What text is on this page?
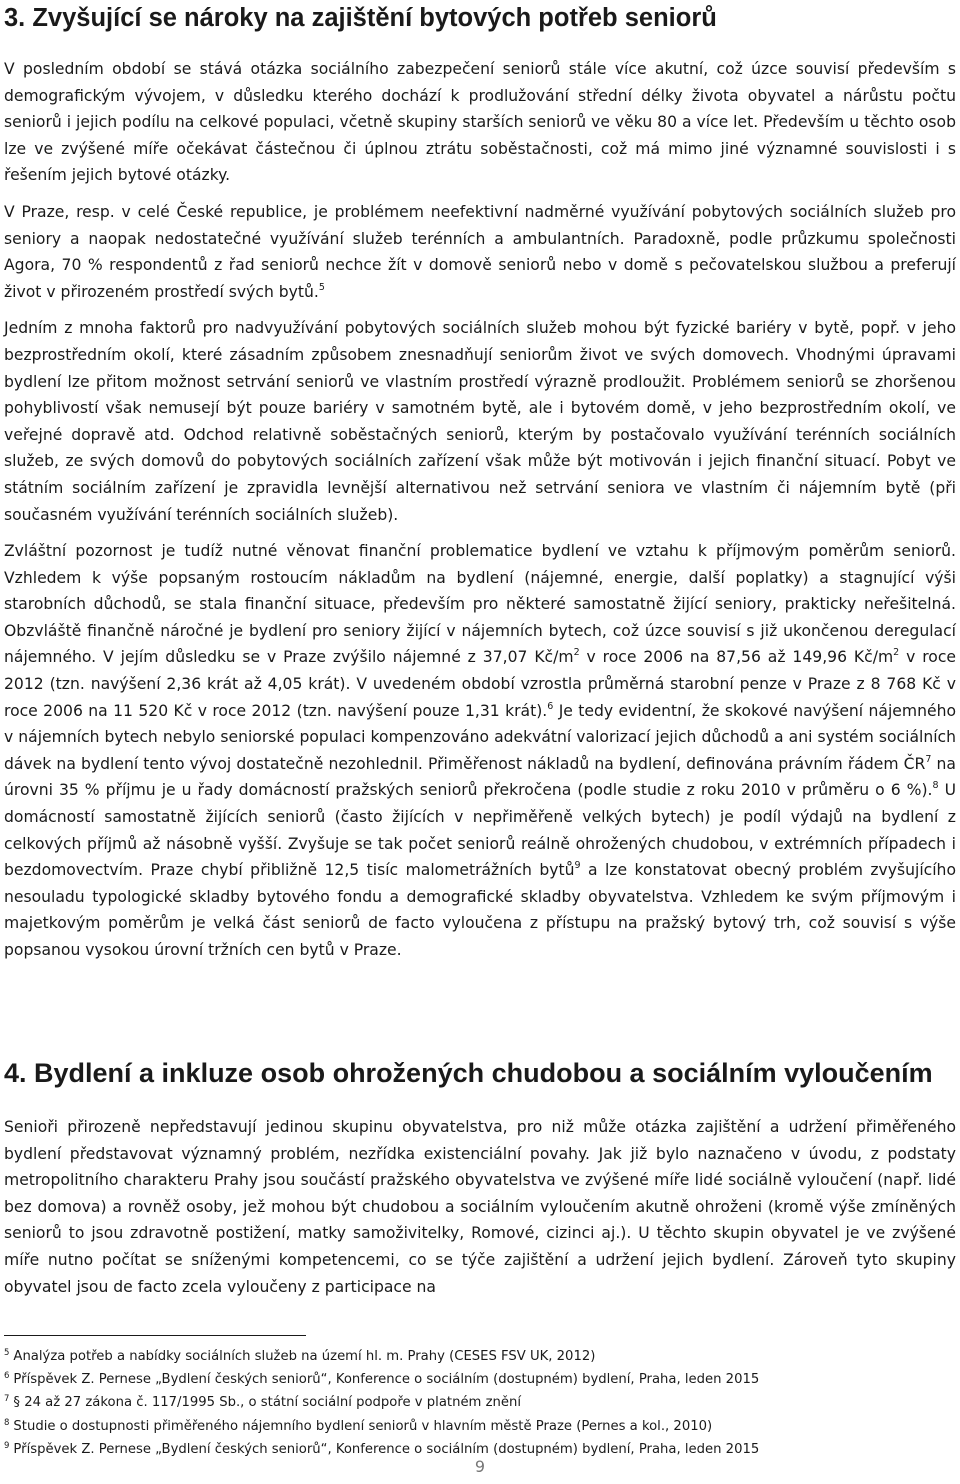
3. Zvyšující se nároky na zajištění bytových potřeb seniorů

V posledním období se stává otázka sociálního zabezpečení seniorů stále více akutní, což úzce souvisí především s demografickým vývojem, v důsledku kterého dochází k prodlužování střední délky života obyvatel a nárůstu počtu seniorů i jejich podílu na celkové populaci, včetně skupiny starších seniorů ve věku 80 a více let. Především u těchto osob lze ve zvýšené míře očekávat částečnou či úplnou ztrátu soběstačnosti, což má mimo jiné významné souvislosti i s řešením jejich bytové otázky.

V Praze, resp. v celé České republice, je problémem neefektivní nadměrné využívání pobytových sociálních služeb pro seniory a naopak nedostatečné využívání služeb terénních a ambulantních. Paradoxně, podle průzkumu společnosti Agora, 70 % respondentů z řad seniorů nechce žít v domově seniorů nebo v domě s pečovatelskou službou a preferují život v přirozeném prostředí svých bytů.$^5$

Jedním z mnoha faktorů pro nadvyužívání pobytových sociálních služeb mohou být fyzické bariéry v bytě, popř. v jeho bezprostředním okolí, které zásadním způsobem znesnadňují seniorům život ve svých domovech. Vhodnými úpravami bydlení lze přitom možnost setrvání seniorů ve vlastním prostředí výrazně prodloužit. Problémem seniorů se zhoršenou pohyblivostí však nemusejí být pouze bariéry v samotném bytě, ale i bytovém domě, v jeho bezprostředním okolí, ve veřejné dopravě atd. Odchod relativně soběstačných seniorů, kterým by postačovalo využívání terénních sociálních služeb, ze svých domovů do pobytových sociálních zařízení však může být motivován i jejich finanční situací. Pobyt ve státním sociálním zařízení je zpravidla levnější alternativou než setrvání seniora ve vlastním či nájemním bytě (při současném využívání terénních sociálních služeb).

Zvláštní pozornost je tudíž nutné věnovat finanční problematice bydlení ve vztahu k příjmovým poměrům seniorů. Vzhledem k výše popsaným rostoucím nákladům na bydlení (nájemné, energie, další poplatky) a stagnující výši starobních důchodů, se stala finanční situace, především pro některé samostatně žijící seniory, prakticky neřešitelná. Obzvláště finančně náročné je bydlení pro seniory žijící v nájemních bytech, což úzce souvisí s již ukončenou deregulací nájemného. V jejím důsledku se v Praze zvýšilo nájemné z 37,07 $Kč/m^2$ v roce 2006 na 87,56 až 149,96 $Kč/m^2$ v roce 2012 (tzn. navýšení 2,36 krát až 4,05 krát). V uvedeném období vzrostla průměrná starobní penze v Praze z 8 768 Kč v roce 2006 na 11 520 Kč v roce 2012 (tzn. navýšení pouze 1,31 krát).$^6$ Je tedy evidentní, že skokové navýšení nájemného v nájemních bytech nebylo seniorské populaci kompenzováno adekvátní valorizací jejich důchodů a ani systém sociálních dávek na bydlení tento vývoj dostatečně nezohlednil. Přiměřenost nákladů na bydlení, definována právním řádem $ČR^7$ na úrovni 35 % příjmu je u řady domácností pražských seniorů překročena (podle studie z roku 2010 v průměru o 6 %).$^8$ U domácností samostatně žijících seniorů (často žijících v nepřiměřeně velkých bytech) je podíl výdajů na bydlení z celkových příjmů až násobně vyšší. Zvyšuje se tak počet seniorů reálně ohrožených chudobou, v extrémních případech i bezdomovectvím. Praze chybí přibližně 12,5 tisíc malometrážních bytů$^9$ a lze konstatovat obecný problém zvyšujícího nesouladu typologické skladby bytového fondu a demografické skladby obyvatelstva. Vzhledem ke svým příjmovým i majetkovým poměrům je velká část seniorů de facto vyloučena z přístupu na pražský bytový trh, což souvisí s výše popsanou vysokou úrovní tržních cen bytů v Praze.

4. Bydlení a inkluze osob ohrožených chudobou a sociálním vyloučením

Senioři přirozeně nepředstavují jedinou skupinu obyvatelstva, pro niž může otázka zajištění a udržení přiměřeného bydlení představovat významný problém, nezřídka existenciální povahy. Jak již bylo naznačeno v úvodu, z podstaty metropolitního charakteru Prahy jsou součástí pražského obyvatelstva ve zvýšené míře lidé sociálně vyloučení (např. lidé bez domova) a rovněž osoby, jež mohou být chudobou a sociálním vyloučením akutně ohroženi (kromě výše zmíněných seniorů to jsou zdravotně postižení, matky samoživitelky, Romové, cizinci aj.). U těchto skupin obyvatel je ve zvýšené míře nutno počítat se sníženými kompetencemi, co se týče zajištění a udržení jejich bydlení. Zároveň tyto skupiny obyvatel jsou de facto zcela vyloučeny z participace na

$^5$ Analýza potřeb a nabídky sociálních služeb na území hl. m. Prahy (CESES FSV UK, 2012)

$^6$ Příspěvek Z. Pernese „Bydlení českých seniorů“, Konference o sociálním (dostupném) bydlení, Praha, leden 2015

$^7$ § 24 až 27 zákona č. 117/1995 Sb., o státní sociální podpoře v platném znění

$^8$ Studie o dostupnosti přiměřeného nájemního bydlení seniorů v hlavním městě Praze (Pernes a kol., 2010)

$^9$ Příspěvek Z. Pernese „Bydlení českých seniorů“, Konference o sociálním (dostupném) bydlení, Praha, leden 2015

9
